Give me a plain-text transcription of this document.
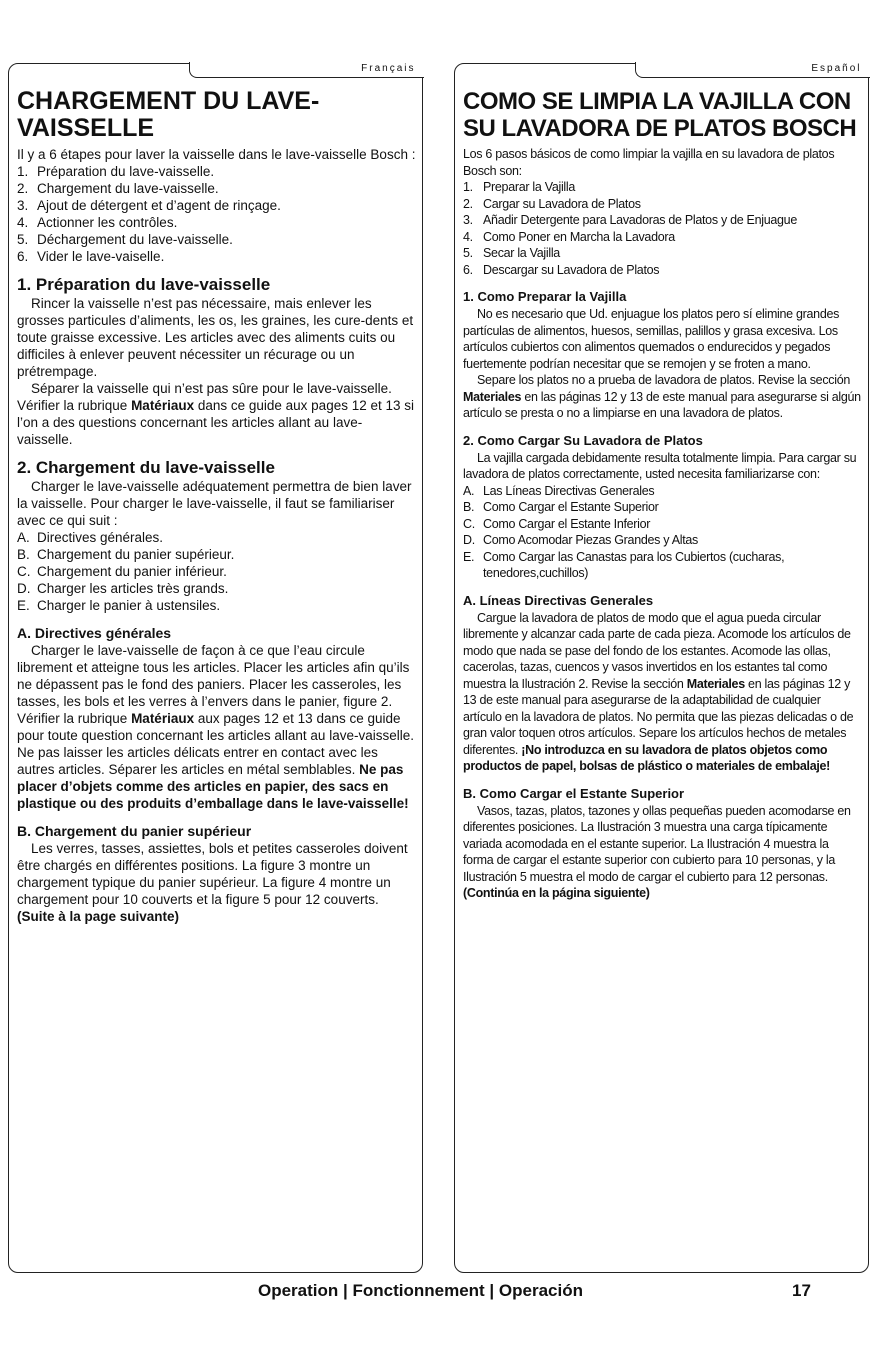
Français
CHARGEMENT DU LAVE-VAISSELLE

Il y a 6 étapes pour laver la vaisselle dans le lave-vaisselle Bosch :

1. Préparation du lave-vaisselle.
2. Chargement du lave-vaisselle.
3. Ajout de détergent et d’agent de rinçage.
4. Actionner les contrôles.
5. Déchargement du lave-vaisselle.
6. Vider le lave-vaiselle.
1. Préparation du lave-vaisselle

Rincer la vaisselle n’est pas nécessaire, mais enlever les grosses particules d’aliments, les os, les graines, les cure-dents et toute graisse excessive. Les articles avec des aliments cuits ou difficiles à enlever peuvent nécessiter un récurage ou un prétrempage.

Séparer la vaisselle qui n’est pas sûre pour le lave-vaisselle. Vérifier la rubrique Matériaux dans ce guide aux pages 12 et 13 si l’on a des questions concernant les articles allant au lave-vaisselle.

2. Chargement du lave-vaisselle

Charger le lave-vaisselle adéquatement permettra de bien laver la vaisselle. Pour charger le lave-vaisselle, il faut se familiariser avec ce qui suit :

A. Directives générales.
B. Chargement du panier supérieur.
C. Chargement du panier inférieur.
D. Charger les articles très grands.
E. Charger le panier à ustensiles.
A. Directives générales

Charger le lave-vaisselle de façon à ce que l’eau circule librement et atteigne tous les articles. Placer les articles afin qu’ils ne dépassent pas le fond des paniers. Placer les casseroles, les tasses, les bols et les verres à l’envers dans le panier, figure 2. Vérifier la rubrique Matériaux aux pages 12 et 13 dans ce guide pour toute question concernant les articles allant au lave-vaisselle. Ne pas laisser les articles délicats entrer en contact avec les autres articles. Séparer les articles en métal semblables. Ne pas placer d’objets comme des articles en papier, des sacs en plastique ou des produits d’emballage dans le lave-vaisselle!

B. Chargement du panier supérieur

Les verres, tasses, assiettes, bols et petites casseroles doivent être chargés en différentes positions. La figure 3 montre un chargement typique du panier supérieur. La figure 4 montre un chargement pour 10 couverts et la figure 5 pour 12 couverts.

(Suite à la page suivante)

Español
COMO SE LIMPIA LA VAJILLA CON SU LAVADORA DE PLATOS BOSCH

Los 6 pasos básicos de como limpiar la vajilla en su lavadora de platos Bosch son:

1. Preparar la Vajilla
2. Cargar su Lavadora de Platos
3. Añadir Detergente para Lavadoras de Platos y de Enjuague
4. Como Poner en Marcha la Lavadora
5. Secar la Vajilla
6. Descargar su Lavadora de Platos
1. Como Preparar la Vajilla

No es necesario que Ud. enjuague los platos pero sí elimine grandes partículas de alimentos, huesos, semillas, palillos y grasa excesiva. Los artículos cubiertos con alimentos quemados o endurecidos y pegados fuertemente podrían necesitar que se remojen y se froten a mano.

Separe los platos no a prueba de lavadora de platos. Revise la sección Materiales en las páginas 12 y 13 de este manual para asegurarse si algún artículo se presta o no a limpiarse en una lavadora de platos.

2. Como Cargar Su Lavadora de Platos

La vajilla cargada debidamente resulta totalmente limpia. Para cargar su lavadora de platos correctamente, usted necesita familiarizarse con:

A. Las Líneas Directivas Generales
B. Como Cargar el Estante Superior
C. Como Cargar el Estante Inferior
D. Como Acomodar Piezas Grandes y Altas
E. Como Cargar las Canastas para los Cubiertos (cucharas, tenedores,cuchillos)
A. Líneas Directivas Generales

Cargue la lavadora de platos de modo que el agua pueda circular libremente y alcanzar cada parte de cada pieza. Acomode los artículos de modo que nada se pase del fondo de los estantes. Acomode las ollas, cacerolas, tazas, cuencos y vasos invertidos en los estantes tal como muestra la Ilustración 2. Revise la sección Materiales en las páginas 12 y 13 de este manual para asegurarse de la adaptabilidad de cualquier artículo en la lavadora de platos. No permita que las piezas delicadas o de gran valor toquen otros artículos. Separe los artículos hechos de metales diferentes. ¡No introduzca en su lavadora de platos objetos como productos de papel, bolsas de plástico o materiales de embalaje!

B. Como Cargar el Estante Superior

Vasos, tazas, platos, tazones y ollas pequeñas pueden acomodarse en diferentes posiciones. La Ilustración 3 muestra una carga típicamente variada acomodada en el estante superior. La Ilustración 4 muestra la forma de cargar el estante superior con cubierto para 10 personas, y la Ilustración 5 muestra el modo de cargar el cubierto para 12 personas.

(Continúa en la página siguiente)

Operation | Fonctionnement | Operación	17
